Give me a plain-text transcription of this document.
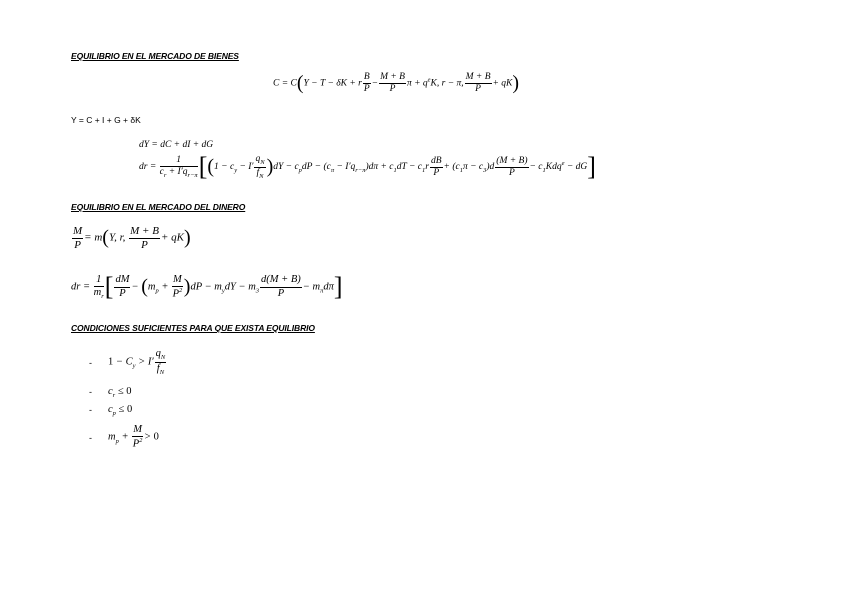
EQUILIBRIO EN EL MERCADO DE BIENES
C = C(Y − T − δK + r $\frac{B}{P} - \frac{M + B}{P}$ $\pi + q^eK$, r − π, $\frac{M + B}{P} + qK$)
Y = C + I + G + δK
dY = dC + dI + dG
dr = $\frac{1}{c_r + I'q_{r-\pi}} [(1 - c_y - I' \frac{q_N}{f_N} )dY - c_pdP - (c_\pi - I'q_{r-\pi})d\pi + c_1dT - c_1r \frac{dB}{P} + (c_1\pi - c_3)d \frac{(M + B)}{P} - c_1Kdq^e - dG]$
EQUILIBRIO EN EL MERCADO DEL DINERO
$\frac{M}{P} = m(Y$, r, $\frac{M + B}{P} + qK$)
dr = $\frac{1}{m_r}$ [ $\frac{dM}{P} - (m_p + \frac{M}{P^2} )dP - m_ydY - m_3 \frac{d(M + B)}{P} - m_\pi d\pi$]
CONDICIONES SUFICIENTES PARA QUE EXISTA EQUILIBRIO
- $1 - C_y > I' \frac{q_N}{f_N}$
- $c_r \le 0$
- $c_p \le 0$
- $m_p + \frac{M}{P^2} > 0$
